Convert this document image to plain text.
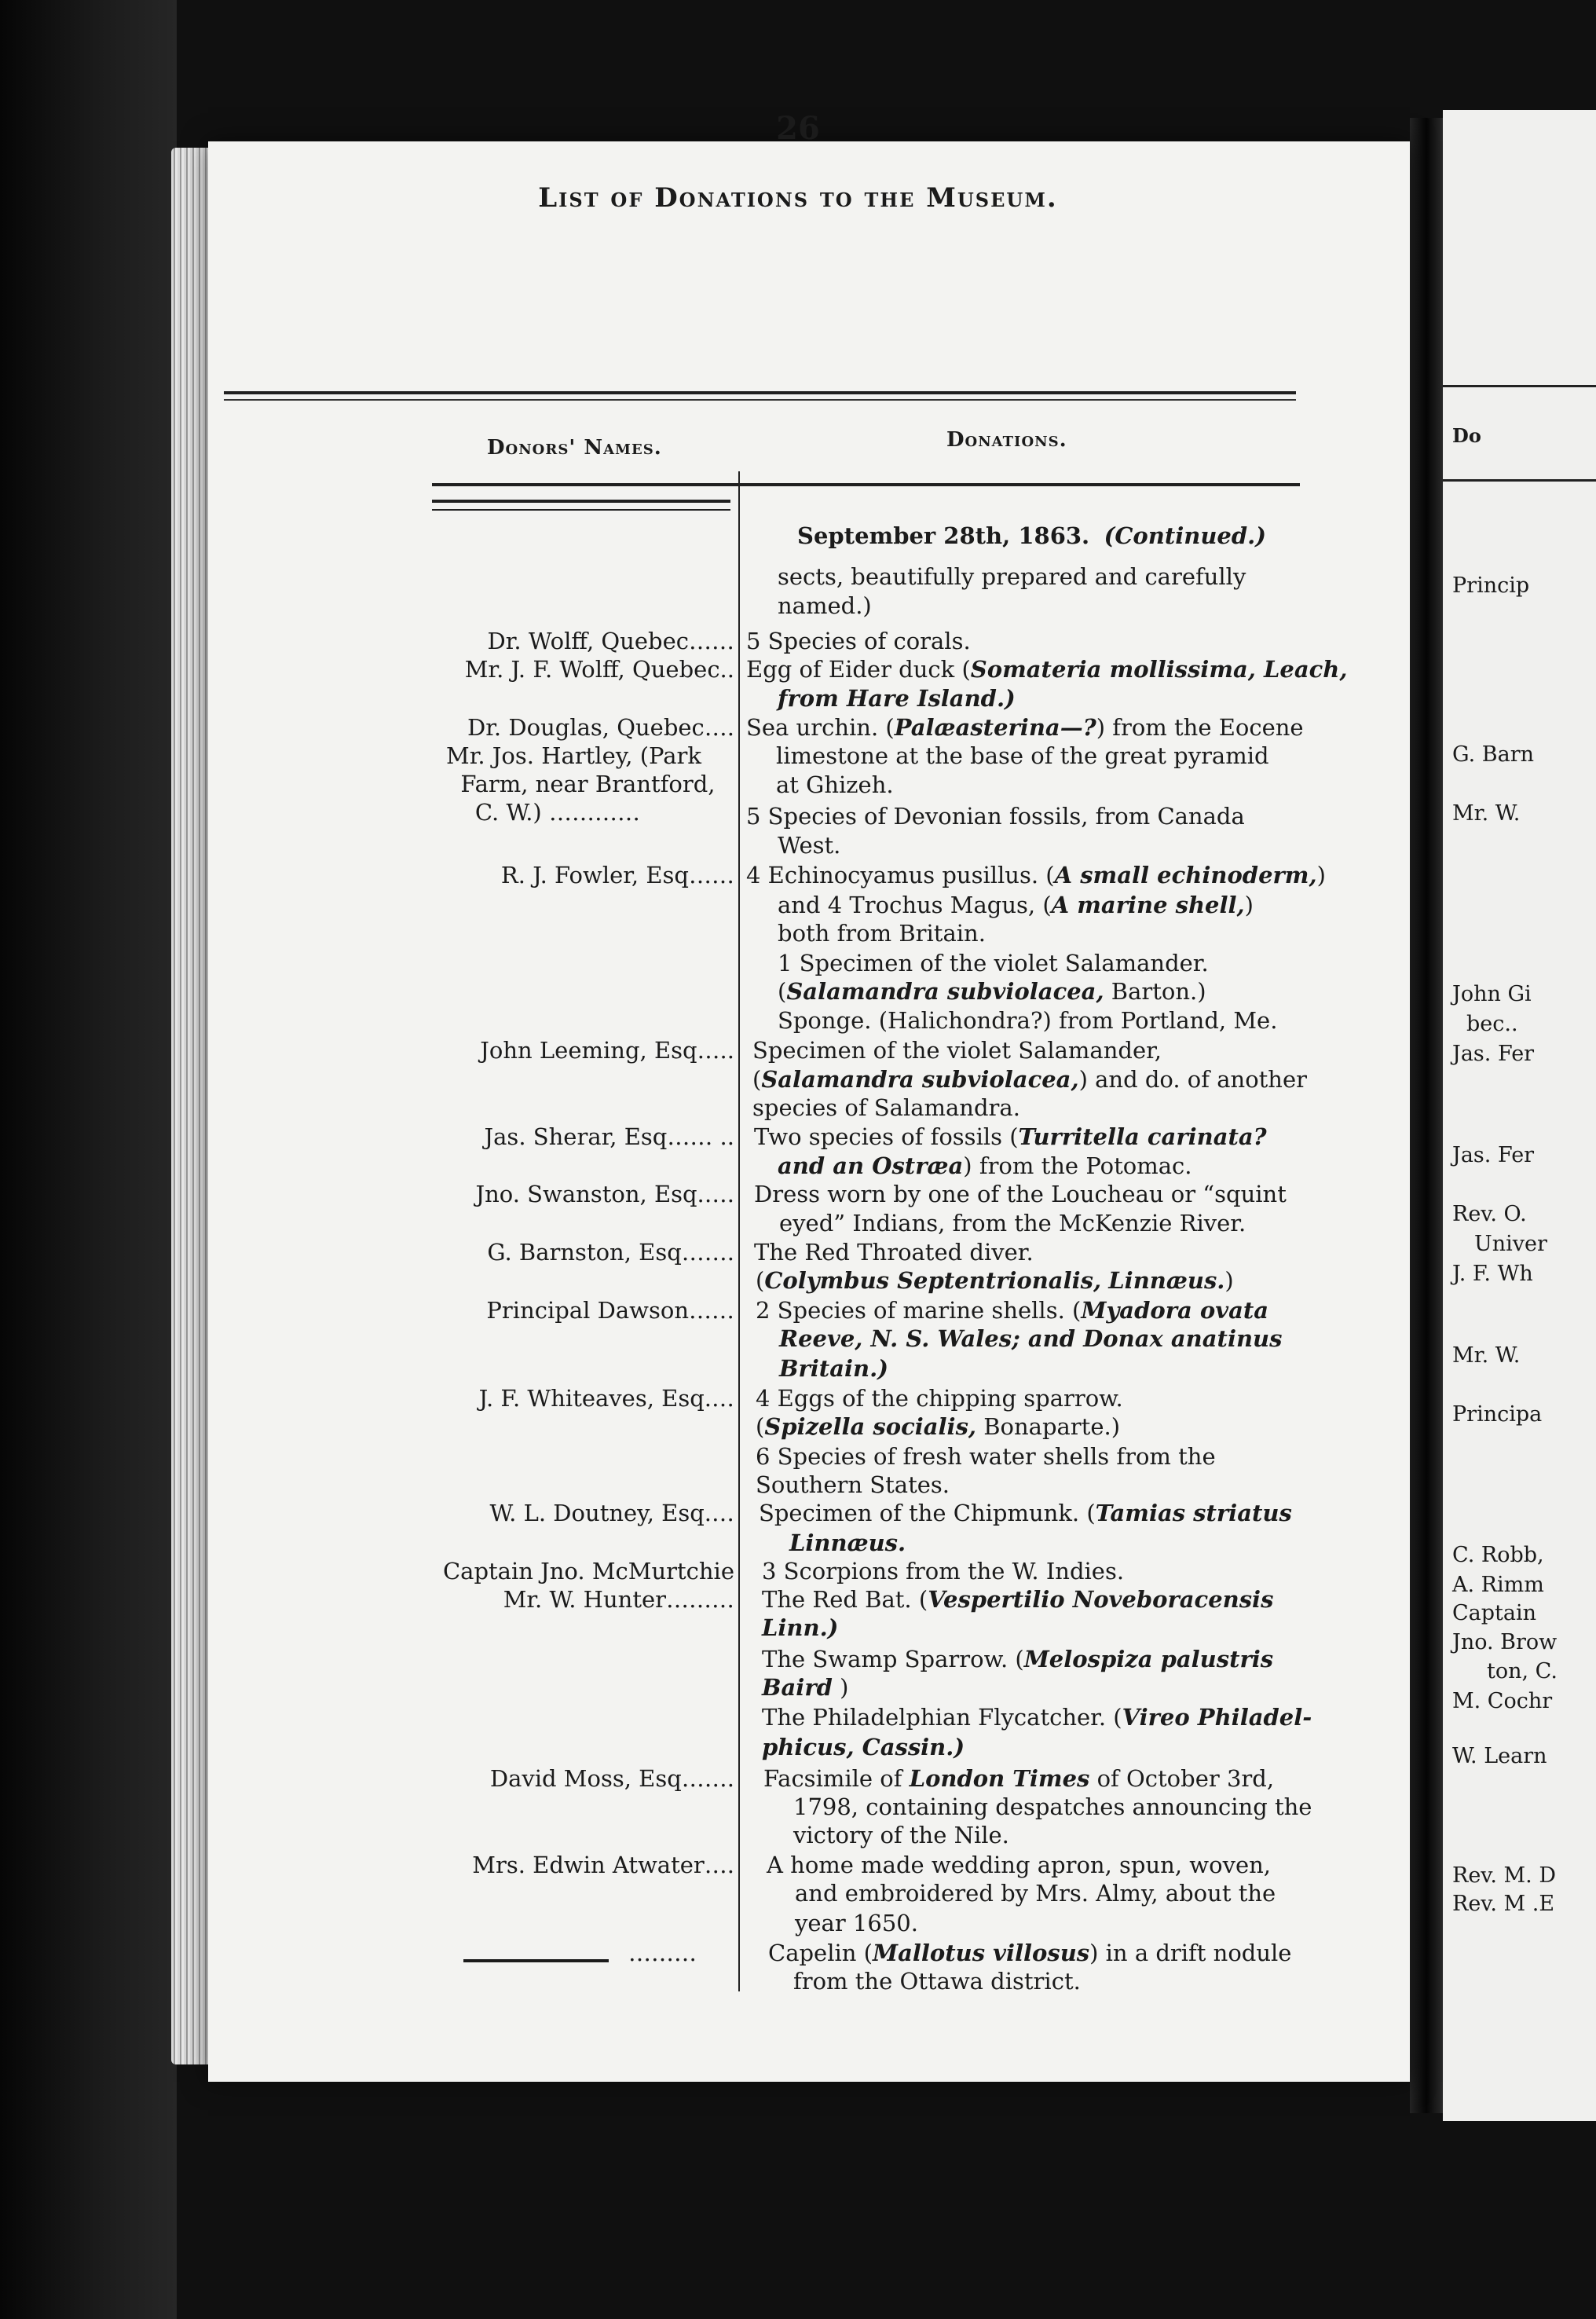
Do
Princip
G. Barn
Mr. W.
John Gi
bec..
Jas. Fer
Jas. Fer
Rev. O.
Univer
J. F. Wh
Mr. W.
Principa
C. Robb,
A. Rimm
Captain
Jno. Brow
ton, C.
M. Cochr
W. Learn
Rev. M. D
Rev. M .E
26
List of Donations to the Museum.
Donors' Names.	Donations.
September 28th, 1863. (Continued.)
Dr. Wolff, Quebec……
Mr. J. F. Wolff, Quebec..
Dr. Douglas, Quebec….
Mr. Jos. Hartley, (Park
Farm, near Brantford,
C. W.) …………
R. J. Fowler, Esq……
John Leeming, Esq…..
Jas. Sherar, Esq…… ..
Jno. Swanston, Esq.….
G. Barnston, Esq…….
Principal Dawson……
J. F. Whiteaves, Esq.…
W. L. Doutney, Esq.…
Captain Jno. McMurtchie
Mr. W. Hunter………
David Moss, Esq…….
Mrs. Edwin Atwater….
………
sects, beautifully prepared and carefully
named.)
5 Species of corals.
Egg of Eider duck (Somateria mollissima, Leach,
from Hare Island.)
Sea urchin. (Palæasterina—?) from the Eocene
limestone at the base of the great pyramid
at Ghizeh.
5 Species of Devonian fossils, from Canada
West.
4 Echinocyamus pusillus. (A small echinoderm,)
and 4 Trochus Magus, (A marine shell,)
both from Britain.
1 Specimen of the violet Salamander.
(Salamandra subviolacea, Barton.)
Sponge. (Halichondra?) from Portland, Me.
Specimen of the violet Salamander,
(Salamandra subviolacea,) and do. of another
species of Salamandra.
Two species of fossils (Turritella carinata?
and an Ostræa) from the Potomac.
Dress worn by one of the Loucheau or “squint
eyed” Indians, from the McKenzie River.
The Red Throated diver.
(Colymbus Septentrionalis, Linnæus.)
2 Species of marine shells. (Myadora ovata
Reeve, N. S. Wales; and Donax anatinus
Britain.)
4 Eggs of the chipping sparrow.
(Spizella socialis, Bonaparte.)
6 Species of fresh water shells from the
Southern States.
Specimen of the Chipmunk. (Tamias striatus
Linnæus.
3 Scorpions from the W. Indies.
The Red Bat. (Vespertilio Noveboracensis
Linn.)
The Swamp Sparrow. (Melospiza palustris
Baird )
The Philadelphian Flycatcher. (Vireo Philadel-
phicus, Cassin.)
Facsimile of London Times of October 3rd,
1798, containing despatches announcing the
victory of the Nile.
A home made wedding apron, spun, woven,
and embroidered by Mrs. Almy, about the
year 1650.
Capelin (Mallotus villosus) in a drift nodule
from the Ottawa district.
